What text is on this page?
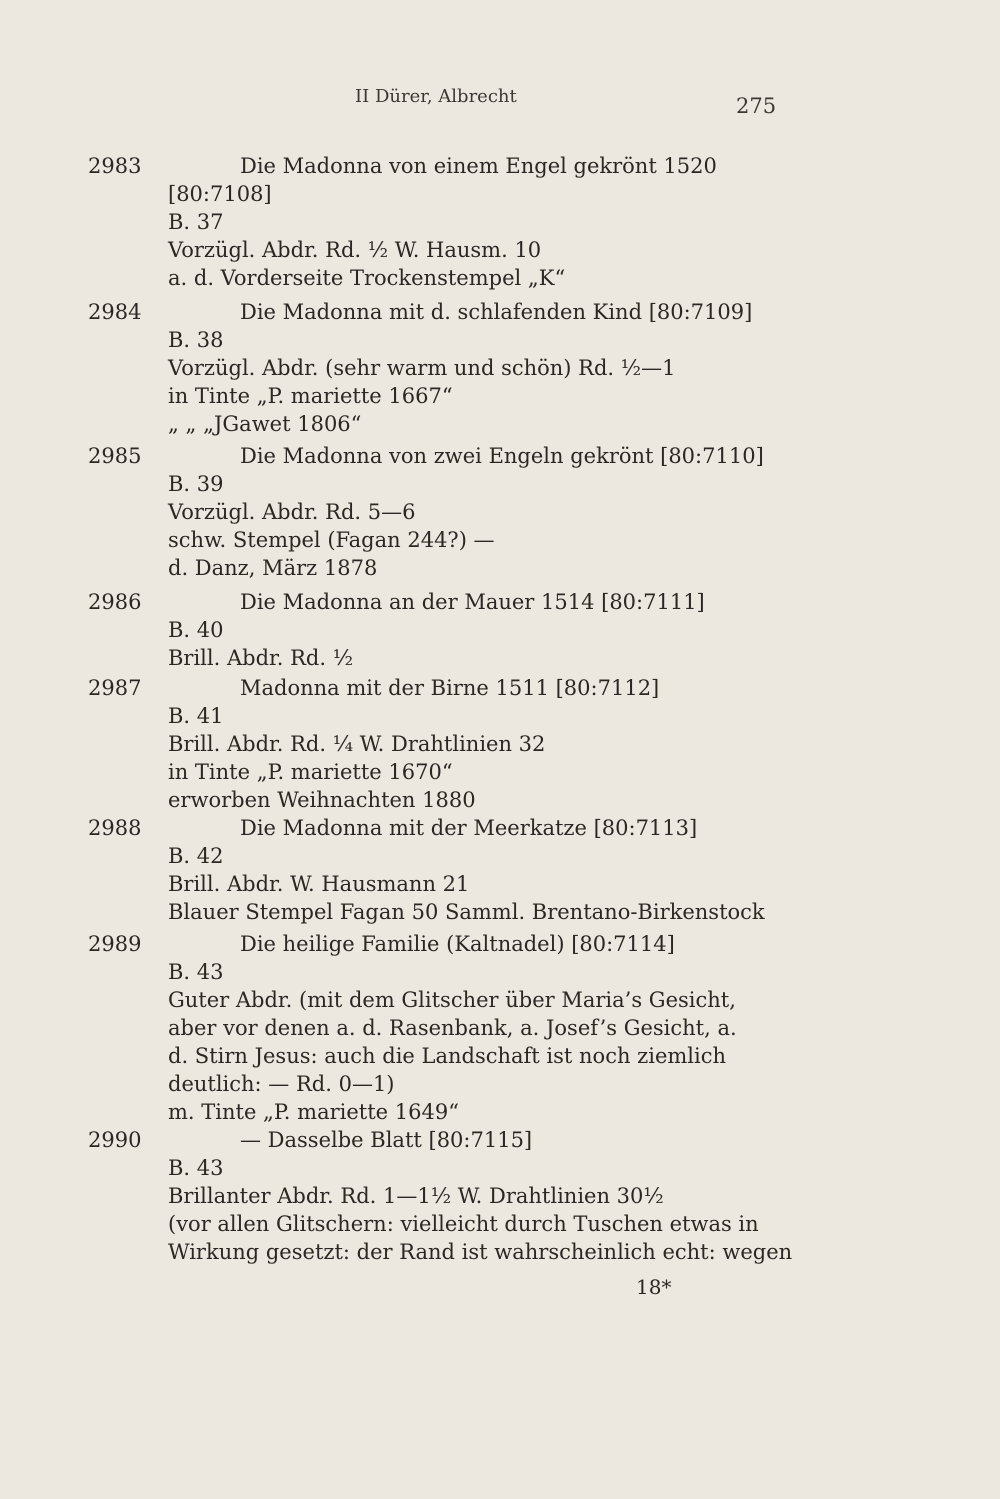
II Dürer, Albrecht	275
2983	Die Madonna von einem Engel gekrönt 1520
[80:7108]
B. 37
Vorzügl. Abdr. Rd. ½ W. Hausm. 10
a. d. Vorderseite Trockenstempel „K“
2984	Die Madonna mit d. schlafenden Kind [80:7109]
B. 38
Vorzügl. Abdr. (sehr warm und schön) Rd. ½—1
in Tinte „P. mariette 1667“
„ „ „JGawet 1806“
2985	Die Madonna von zwei Engeln gekrönt [80:7110]
B. 39
Vorzügl. Abdr. Rd. 5—6
schw. Stempel (Fagan 244?) —
d. Danz, März 1878
2986	Die Madonna an der Mauer 1514 [80:7111]
B. 40
Brill. Abdr. Rd. ½
2987	Madonna mit der Birne 1511 [80:7112]
B. 41
Brill. Abdr. Rd. ¼ W. Drahtlinien 32
in Tinte „P. mariette 1670“
erworben Weihnachten 1880
2988	Die Madonna mit der Meerkatze [80:7113]
B. 42
Brill. Abdr. W. Hausmann 21
Blauer Stempel Fagan 50 Samml. Brentano-Birkenstock
2989	Die heilige Familie (Kaltnadel) [80:7114]
B. 43
Guter Abdr. (mit dem Glitscher über Maria’s Gesicht,
aber vor denen a. d. Rasenbank, a. Josef’s Gesicht, a.
d. Stirn Jesus: auch die Landschaft ist noch ziemlich
deutlich: — Rd. 0—1)
m. Tinte „P. mariette 1649“
2990	— Dasselbe Blatt [80:7115]
B. 43
Brillanter Abdr. Rd. 1—1½ W. Drahtlinien 30½
(vor allen Glitschern: vielleicht durch Tuschen etwas in
Wirkung gesetzt: der Rand ist wahrscheinlich echt: wegen
18*
